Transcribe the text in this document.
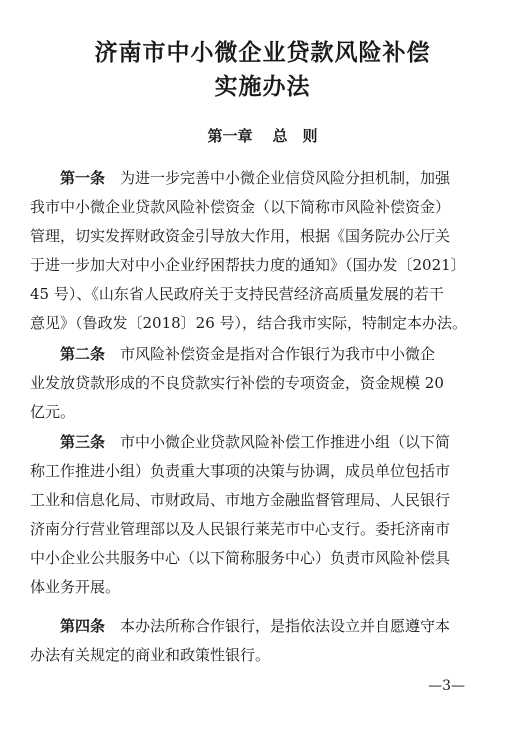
济南市中小微企业贷款风险补偿
实施办法
第一章 总　则
第一条　 为进一步完善中小微企业信贷风险分担机制，加强
我市中小微企业贷款风险补偿资金（以下简称市风险补偿资金）
管理，切实发挥财政资金引导放大作用，根据《国务院办公厅关
于进一步加大对中小企业纾困帮扶力度的通知》（国办发〔2021〕
45 号）、《山东省人民政府关于支持民营经济高质量发展的若干
意见》（鲁政发〔2018〕26 号），结合我市实际，特制定本办法。
第二条　 市风险补偿资金是指对合作银行为我市中小微企
业发放贷款形成的不良贷款实行补偿的专项资金，资金规模 20
亿元。
第三条　 市中小微企业贷款风险补偿工作推进小组（以下简
称工作推进小组）负责重大事项的决策与协调，成员单位包括市
工业和信息化局、市财政局、市地方金融监督管理局、人民银行
济南分行营业管理部以及人民银行莱芜市中心支行。委托济南市
中小企业公共服务中心（以下简称服务中心）负责市风险补偿具
体业务开展。
第四条　 本办法所称合作银行，是指依法设立并自愿遵守本
办法有关规定的商业和政策性银行。
—3—
